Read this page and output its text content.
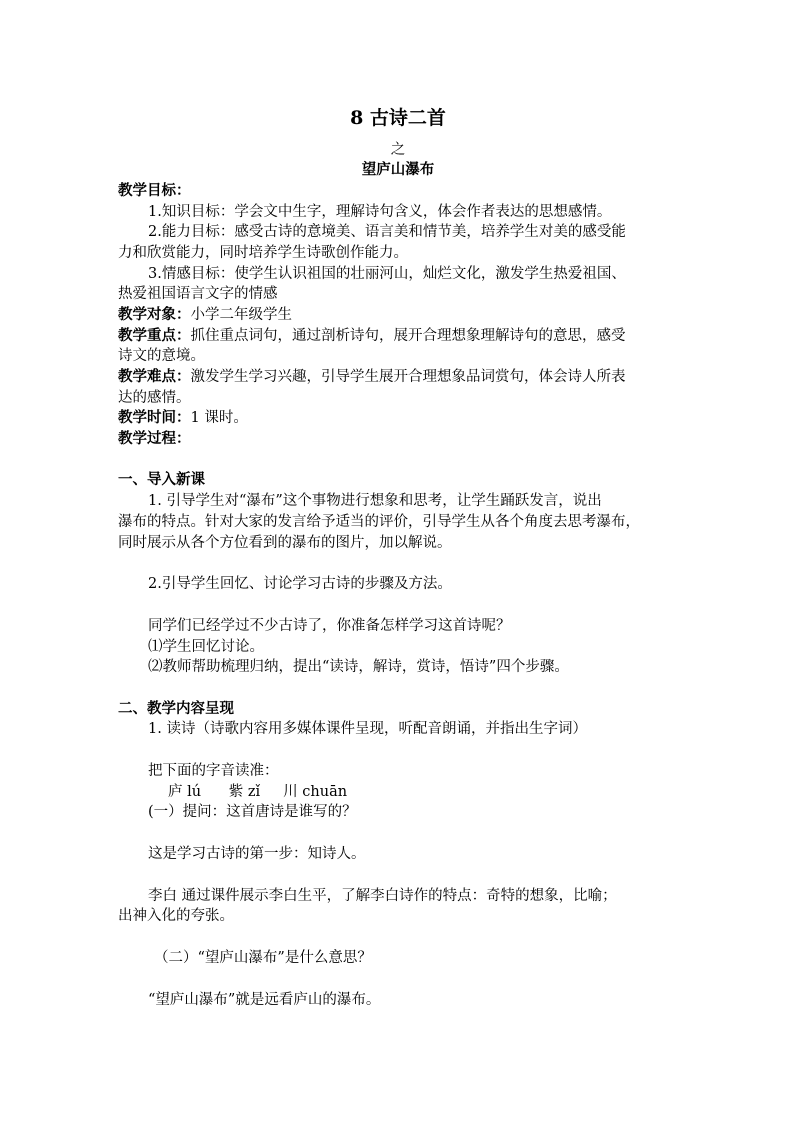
8 古诗二首
之
望庐山瀑布
教学目标：
1.知识目标：学会文中生字，理解诗句含义，体会作者表达的思想感情。
2.能力目标：感受古诗的意境美、语言美和情节美，培养学生对美的感受能
力和欣赏能力，同时培养学生诗歌创作能力。
3.情感目标：使学生认识祖国的壮丽河山，灿烂文化，激发学生热爱祖国、
热爱祖国语言文字的情感
教学对象：小学二年级学生
教学重点：抓住重点词句，通过剖析诗句，展开合理想象理解诗句的意思，感受
诗文的意境。
教学难点：激发学生学习兴趣，引导学生展开合理想象品词赏句，体会诗人所表
达的感情。
教学时间：1 课时。
教学过程：
一、导入新课
1. 引导学生对“瀑布”这个事物进行想象和思考，让学生踊跃发言，说出
瀑布的特点。针对大家的发言给予适当的评价，引导学生从各个角度去思考瀑布，
同时展示从各个方位看到的瀑布的图片，加以解说。
2.引导学生回忆、讨论学习古诗的步骤及方法。
同学们已经学过不少古诗了，你准备怎样学习这首诗呢？
⑴学生回忆讨论。
⑵教师帮助梳理归纳，提出“读诗，解诗，赏诗，悟诗”四个步骤。
二、教学内容呈现
1. 读诗（诗歌内容用多媒体课件呈现，听配音朗诵，并指出生字词）
把下面的字音读准：
庐 lú      紫 zǐ     川 chuān
(一）提问：这首唐诗是谁写的？
这是学习古诗的第一步：知诗人。
李白 通过课件展示李白生平，了解李白诗作的特点：奇特的想象，比喻；
出神入化的夸张。
（二）“望庐山瀑布”是什么意思？
“望庐山瀑布”就是远看庐山的瀑布。
